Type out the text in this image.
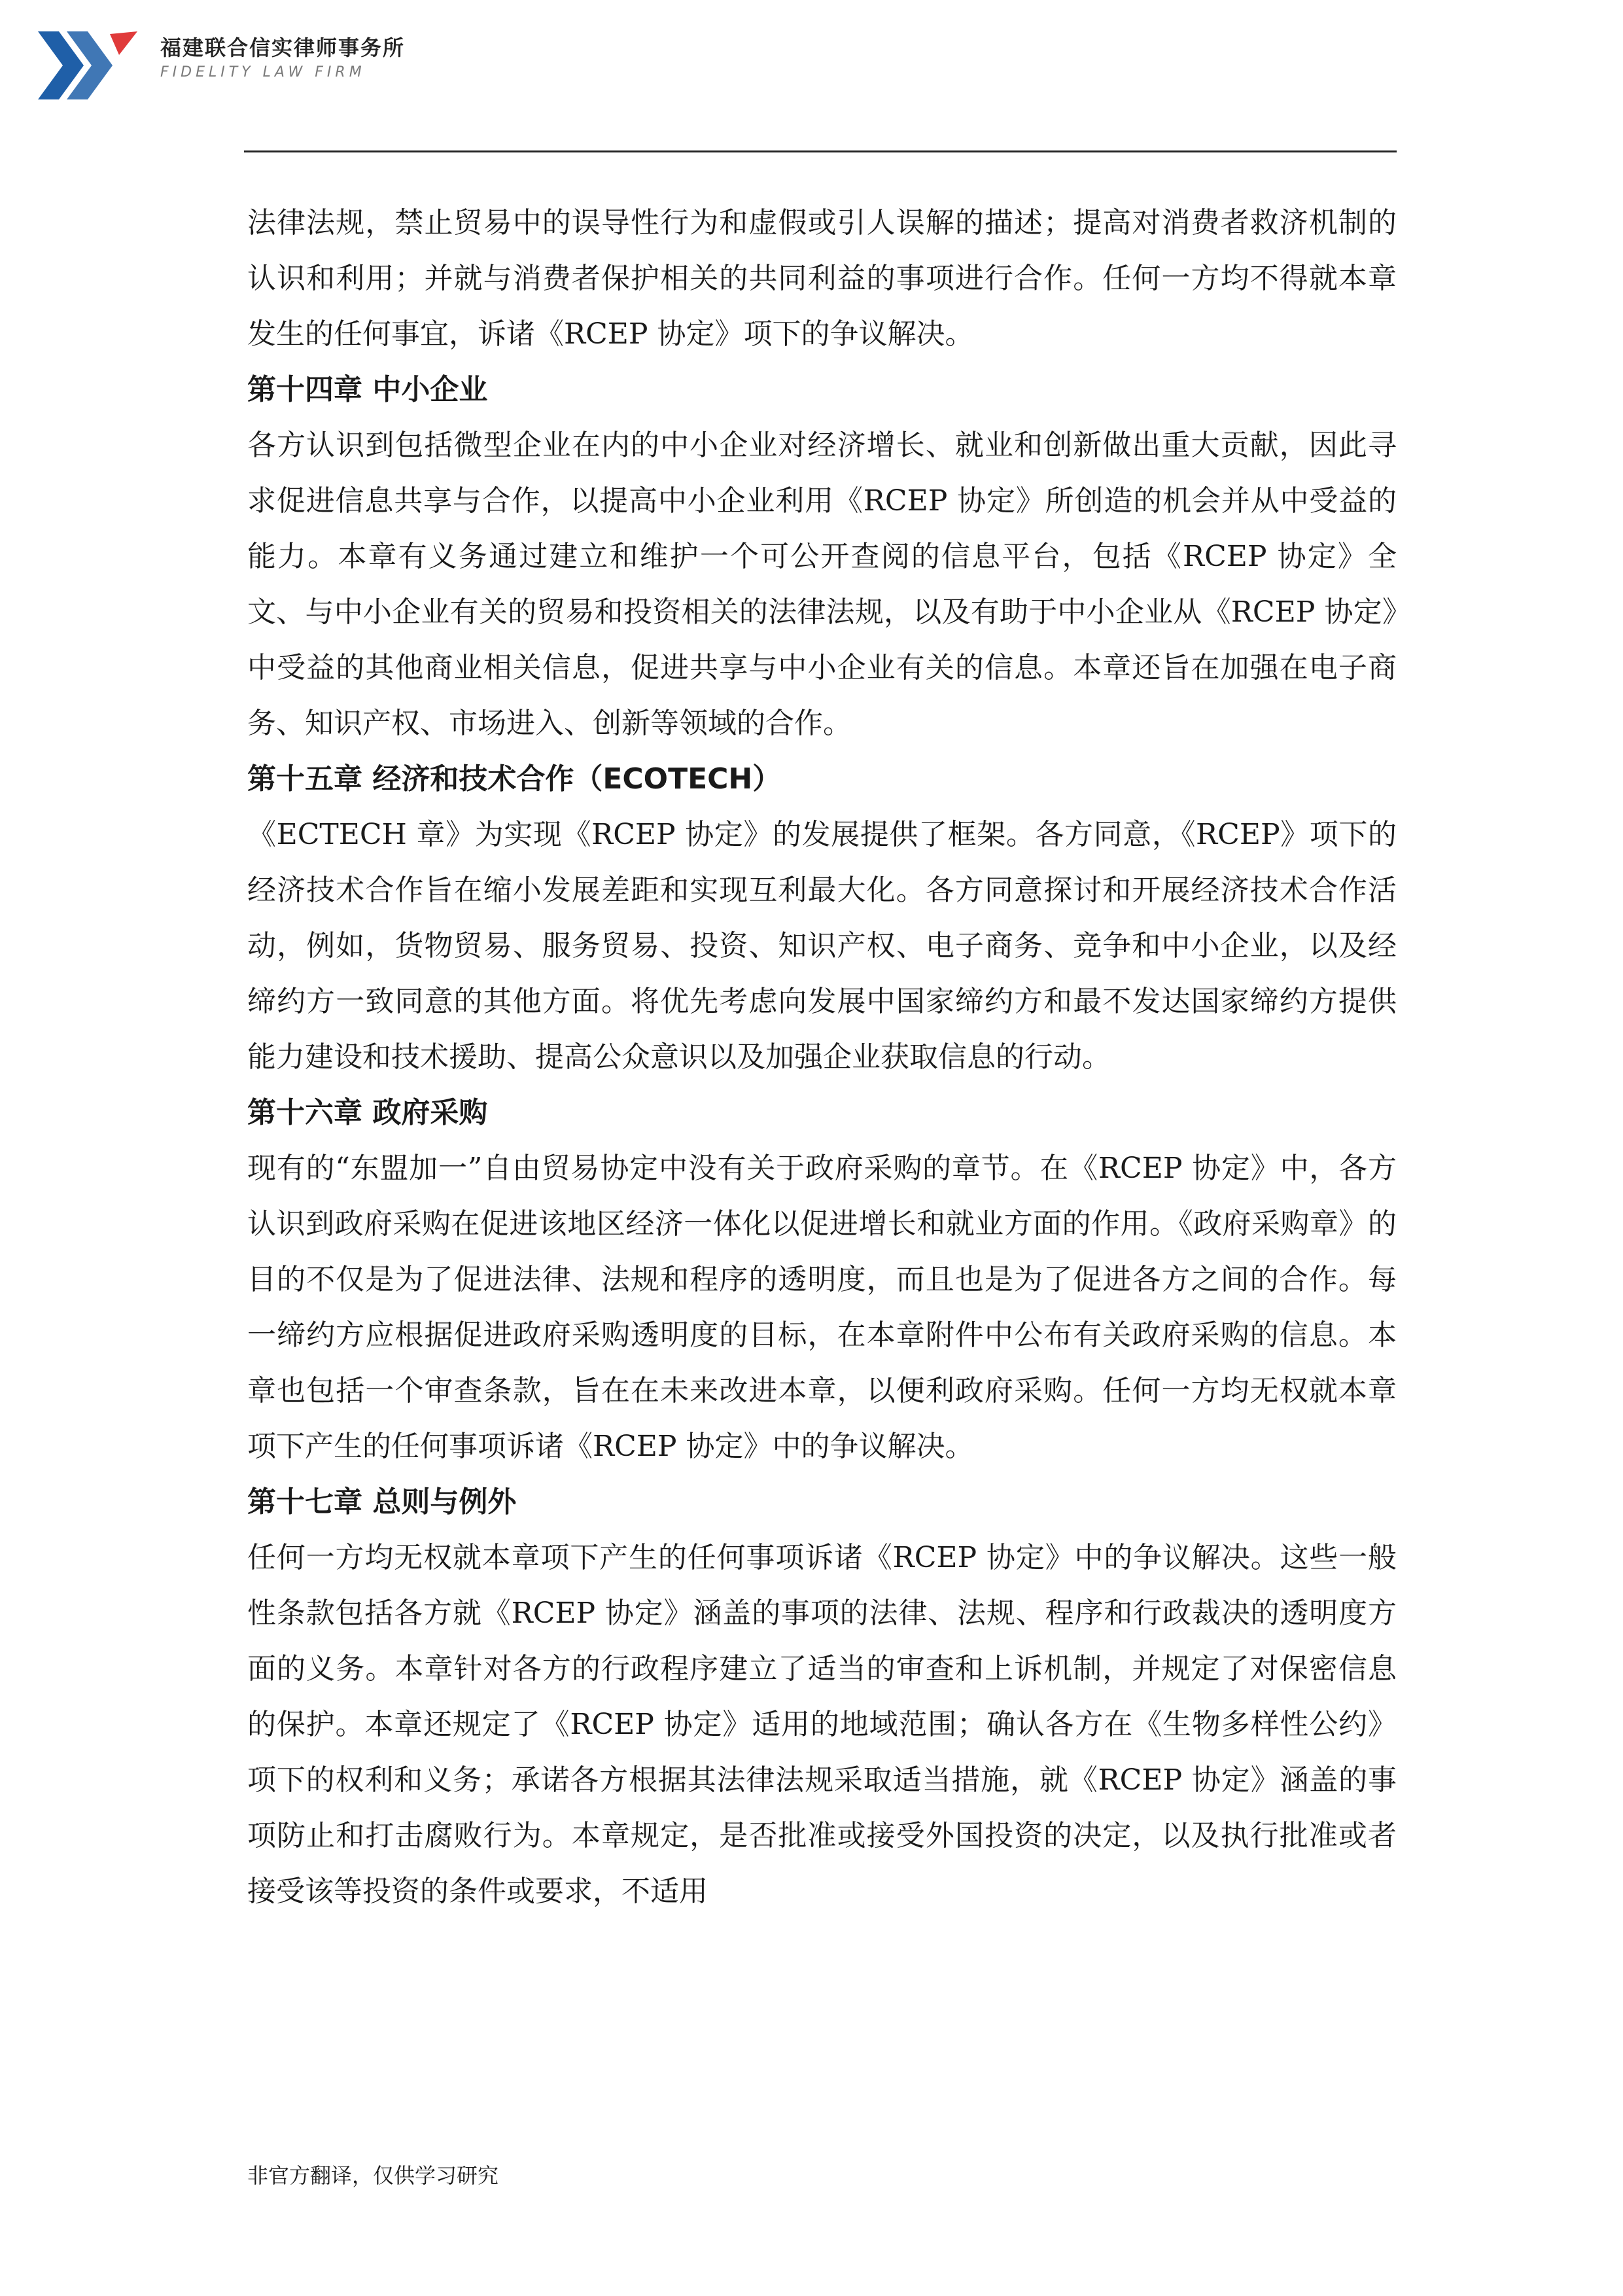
福建联合信实律师事务所
FIDELITY LAW FIRM

法律法规，禁止贸易中的误导性行为和虚假或引人误解的描述；提高对消费者救济机制的认识和利用；并就与消费者保护相关的共同利益的事项进行合作。任何一方均不得就本章发生的任何事宜，诉诸《RCEP 协定》项下的争议解决。

第十四章 中小企业

各方认识到包括微型企业在内的中小企业对经济增长、就业和创新做出重大贡献，因此寻求促进信息共享与合作，以提高中小企业利用《RCEP 协定》所创造的机会并从中受益的能力。本章有义务通过建立和维护一个可公开查阅的信息平台，包括《RCEP 协定》全文、与中小企业有关的贸易和投资相关的法律法规，以及有助于中小企业从《RCEP 协定》中受益的其他商业相关信息，促进共享与中小企业有关的信息。本章还旨在加强在电子商务、知识产权、市场进入、创新等领域的合作。

第十五章 经济和技术合作（ECOTECH）

《ECTECH 章》为实现《RCEP 协定》的发展提供了框架。各方同意，《RCEP》项下的经济技术合作旨在缩小发展差距和实现互利最大化。各方同意探讨和开展经济技术合作活动，例如，货物贸易、服务贸易、投资、知识产权、电子商务、竞争和中小企业，以及经缔约方一致同意的其他方面。将优先考虑向发展中国家缔约方和最不发达国家缔约方提供能力建设和技术援助、提高公众意识以及加强企业获取信息的行动。

第十六章 政府采购

现有的“东盟加一”自由贸易协定中没有关于政府采购的章节。在《RCEP 协定》中，各方认识到政府采购在促进该地区经济一体化以促进增长和就业方面的作用。《政府采购章》的目的不仅是为了促进法律、法规和程序的透明度，而且也是为了促进各方之间的合作。每一缔约方应根据促进政府采购透明度的目标，在本章附件中公布有关政府采购的信息。本章也包括一个审查条款，旨在在未来改进本章，以便利政府采购。任何一方均无权就本章项下产生的任何事项诉诸《RCEP 协定》中的争议解决。

第十七章 总则与例外

任何一方均无权就本章项下产生的任何事项诉诸《RCEP 协定》中的争议解决。这些一般性条款包括各方就《RCEP 协定》涵盖的事项的法律、法规、程序和行政裁决的透明度方面的义务。本章针对各方的行政程序建立了适当的审查和上诉机制，并规定了对保密信息的保护。本章还规定了《RCEP 协定》适用的地域范围；确认各方在《生物多样性公约》项下的权利和义务；承诺各方根据其法律法规采取适当措施，就《RCEP 协定》涵盖的事项防止和打击腐败行为。本章规定，是否批准或接受外国投资的决定，以及执行批准或者接受该等投资的条件或要求，不适用

非官方翻译，仅供学习研究
